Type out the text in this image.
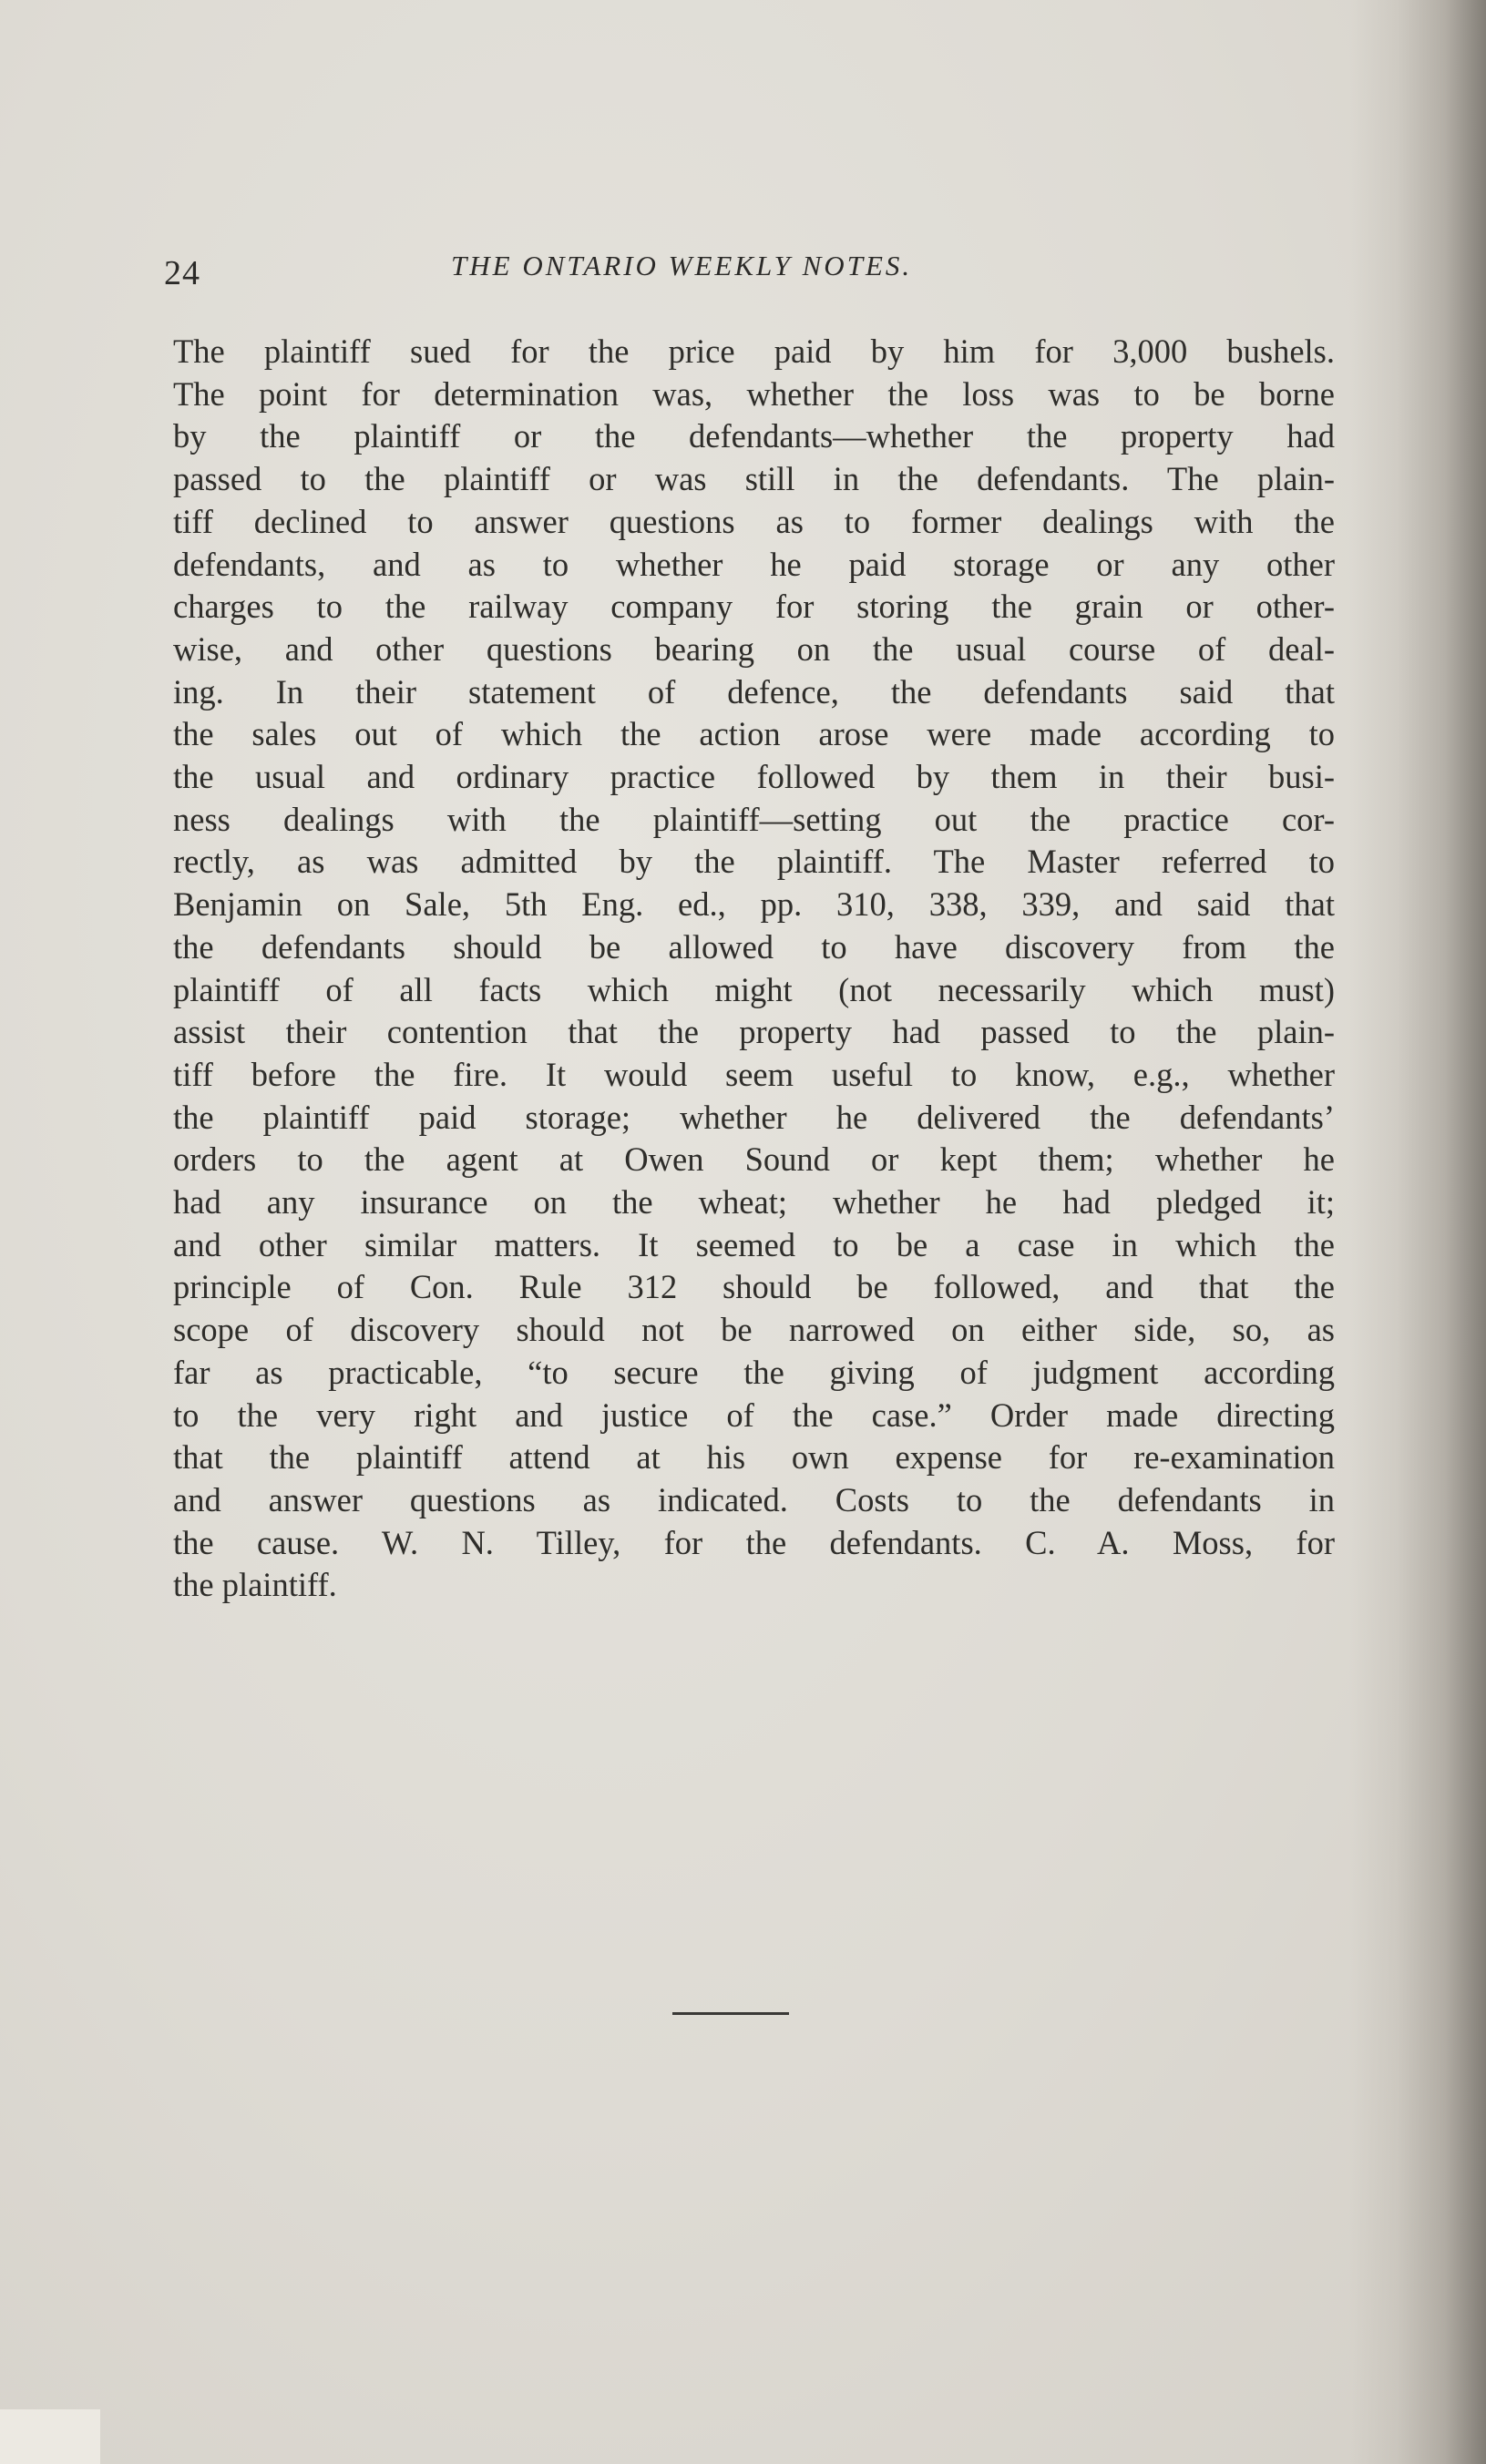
24	THE ONTARIO WEEKLY NOTES.

The plaintiff sued for the price paid by him for 3,000 bushels.
The point for determination was, whether the loss was to be borne
by the plaintiff or the defendants—whether the property had
passed to the plaintiff or was still in the defendants. The plain-
tiff declined to answer questions as to former dealings with the
defendants, and as to whether he paid storage or any other
charges to the railway company for storing the grain or other-
wise, and other questions bearing on the usual course of deal-
ing. In their statement of defence, the defendants said that
the sales out of which the action arose were made according to
the usual and ordinary practice followed by them in their busi-
ness dealings with the plaintiff—setting out the practice cor-
rectly, as was admitted by the plaintiff. The Master referred to
Benjamin on Sale, 5th Eng. ed., pp. 310, 338, 339, and said that
the defendants should be allowed to have discovery from the
plaintiff of all facts which might (not necessarily which must)
assist their contention that the property had passed to the plain-
tiff before the fire. It would seem useful to know, e.g., whether
the plaintiff paid storage; whether he delivered the defendants’
orders to the agent at Owen Sound or kept them; whether he
had any insurance on the wheat; whether he had pledged it;
and other similar matters. It seemed to be a case in which the
principle of Con. Rule 312 should be followed, and that the
scope of discovery should not be narrowed on either side, so, as
far as practicable, “to secure the giving of judgment according
to the very right and justice of the case.” Order made directing
that the plaintiff attend at his own expense for re-examination
and answer questions as indicated. Costs to the defendants in
the cause. W. N. Tilley, for the defendants. C. A. Moss, for
the plaintiff.
